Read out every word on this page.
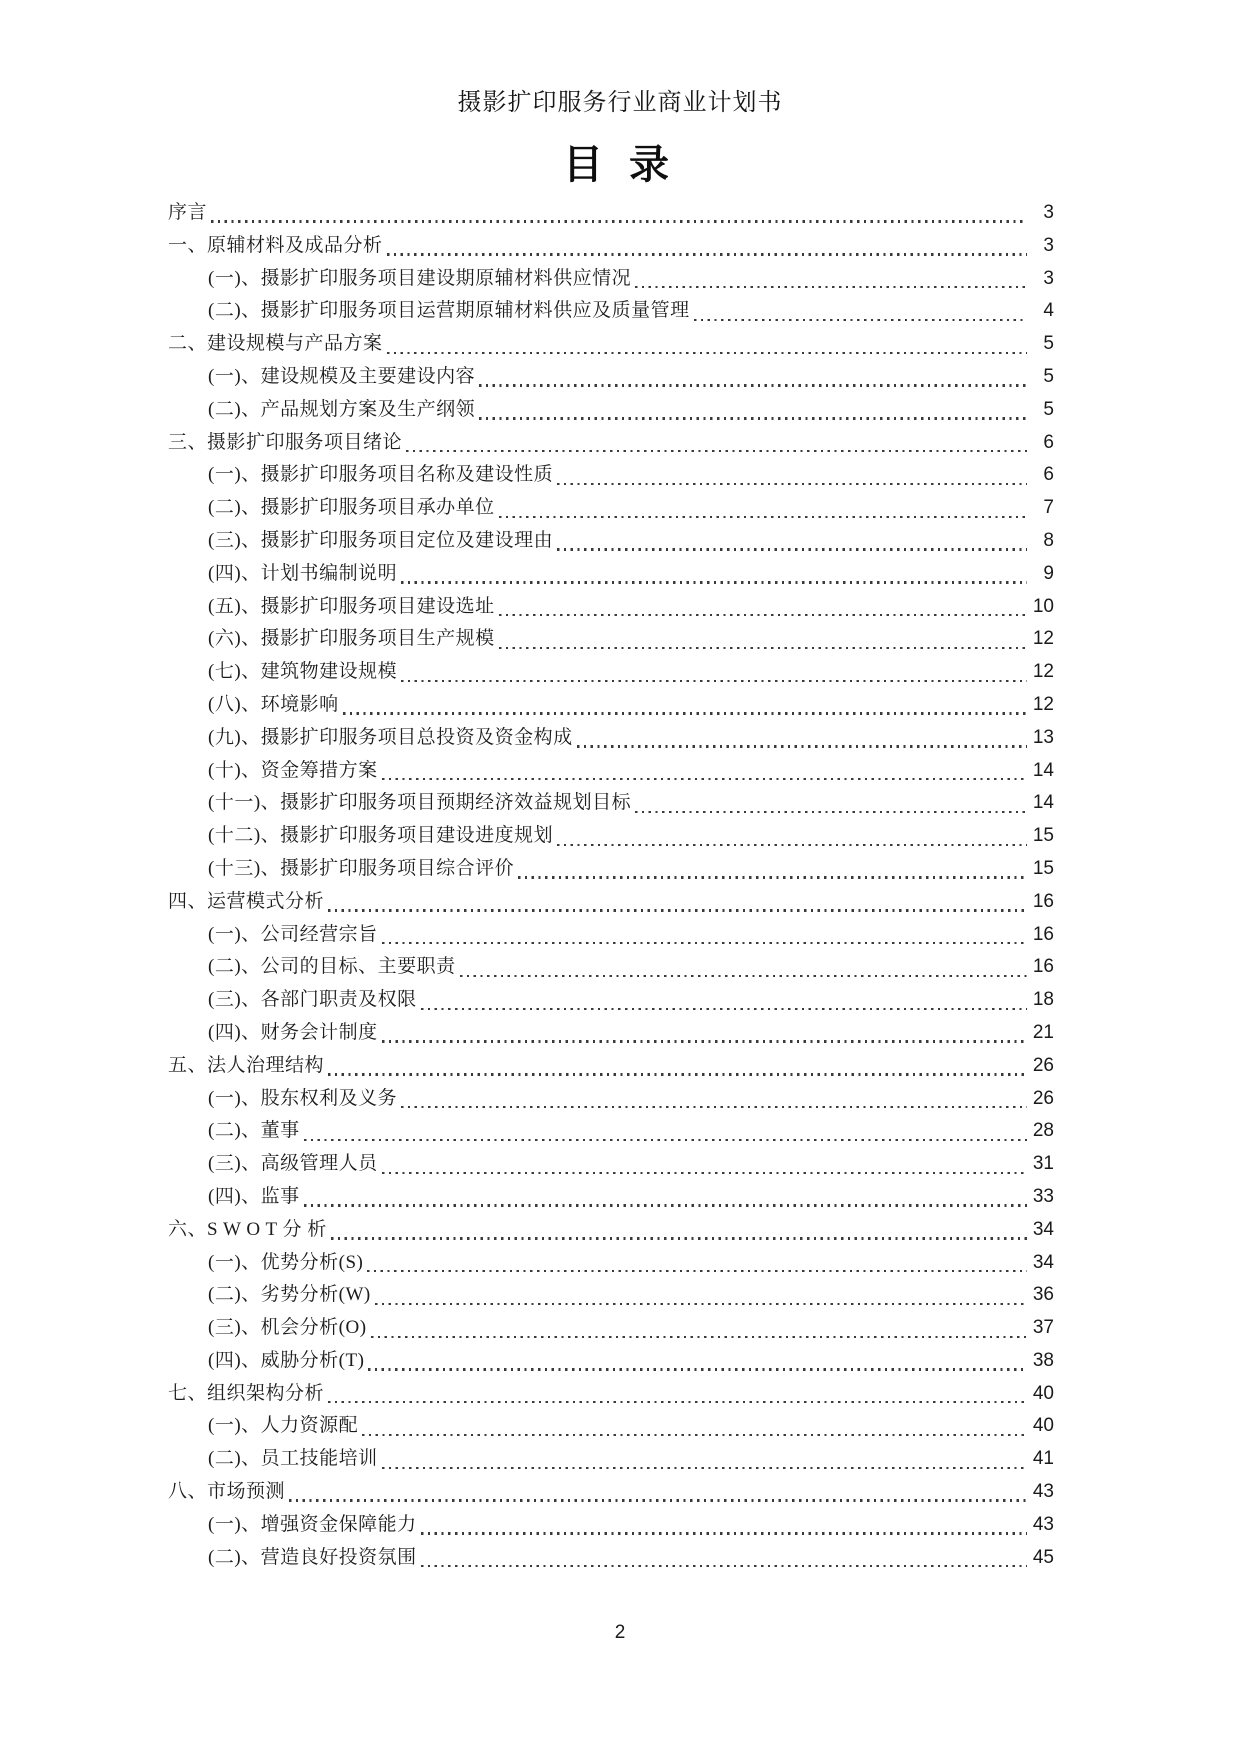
摄影扩印服务行业商业计划书
目 录
序言	3
一、原辅材料及成品分析	3
(一)、摄影扩印服务项目建设期原辅材料供应情况	3
(二)、摄影扩印服务项目运营期原辅材料供应及质量管理	4
二、建设规模与产品方案	5
(一)、建设规模及主要建设内容	5
(二)、产品规划方案及生产纲领	5
三、摄影扩印服务项目绪论	6
(一)、摄影扩印服务项目名称及建设性质	6
(二)、摄影扩印服务项目承办单位	7
(三)、摄影扩印服务项目定位及建设理由	8
(四)、计划书编制说明	9
(五)、摄影扩印服务项目建设选址	10
(六)、摄影扩印服务项目生产规模	12
(七)、建筑物建设规模	12
(八)、环境影响	12
(九)、摄影扩印服务项目总投资及资金构成	13
(十)、资金筹措方案	14
(十一)、摄影扩印服务项目预期经济效益规划目标	14
(十二)、摄影扩印服务项目建设进度规划	15
(十三)、摄影扩印服务项目综合评价	15
四、运营模式分析	16
(一)、公司经营宗旨	16
(二)、公司的目标、主要职责	16
(三)、各部门职责及权限	18
(四)、财务会计制度	21
五、法人治理结构	26
(一)、股东权利及义务	26
(二)、董事	28
(三)、高级管理人员	31
(四)、监事	33
六、S W O T 分 析	34
(一)、优势分析(S)	34
(二)、劣势分析(W)	36
(三)、机会分析(O)	37
(四)、威胁分析(T)	38
七、组织架构分析	40
(一)、人力资源配	40
(二)、员工技能培训	41
八、市场预测	43
(一)、增强资金保障能力	43
(二)、营造良好投资氛围	45
2
